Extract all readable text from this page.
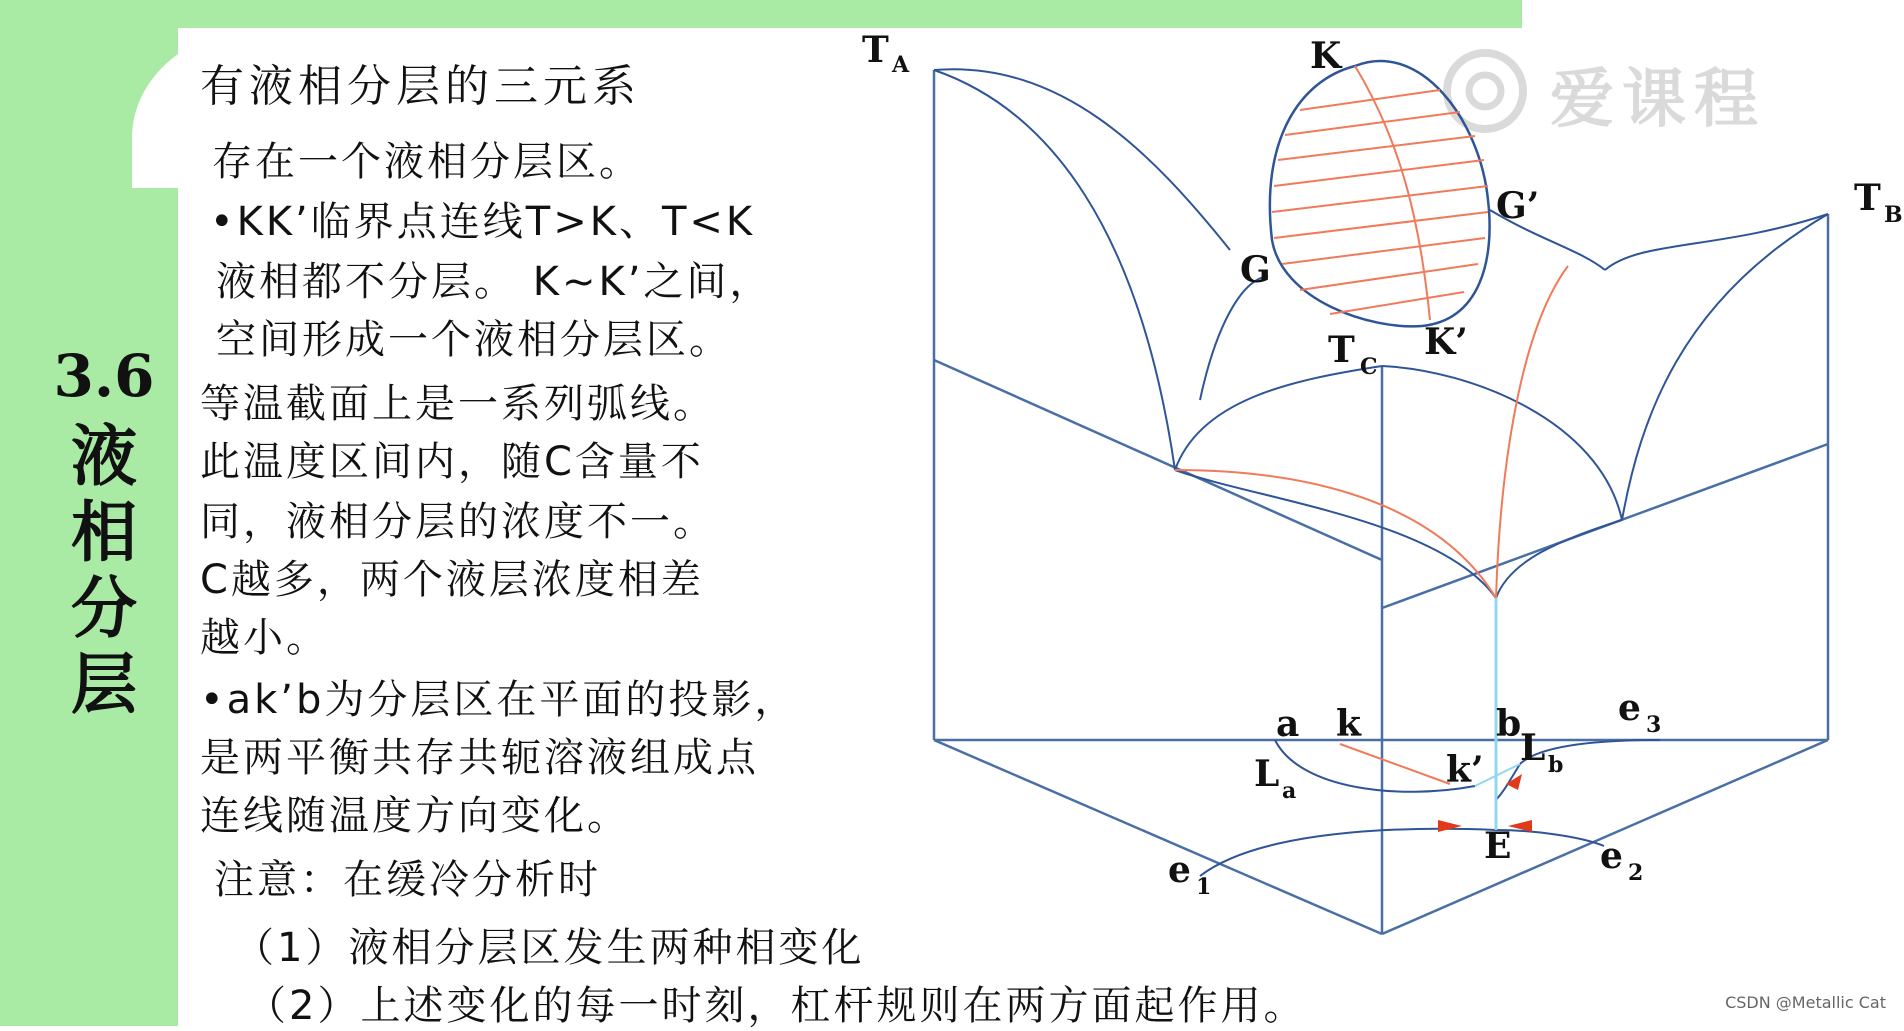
3.6
液
相
分
层
有液相分层的三元系
存在一个液相分层区。
•KK’临界点连线T>K、T<K
液相都不分层。 K~K’之间，
空间形成一个液相分层区。
等温截面上是一系列弧线。
此温度区间内，随C含量不
同，液相分层的浓度不一。
C越多，两个液层浓度相差
越小。
•ak’b为分层区在平面的投影，
是两平衡共存共轭溶液组成点
连线随温度方向变化。
注意：在缓冷分析时
（1）液相分层区发生两种相变化
（2）上述变化的每一时刻，杠杆规则在两方面起作用。
爱课程
T A
T B
T C
K
K’
G
G’
a k	b
k’
L a
L b
e 1
e 2
e 3
E
CSDN @Metallic Cat
